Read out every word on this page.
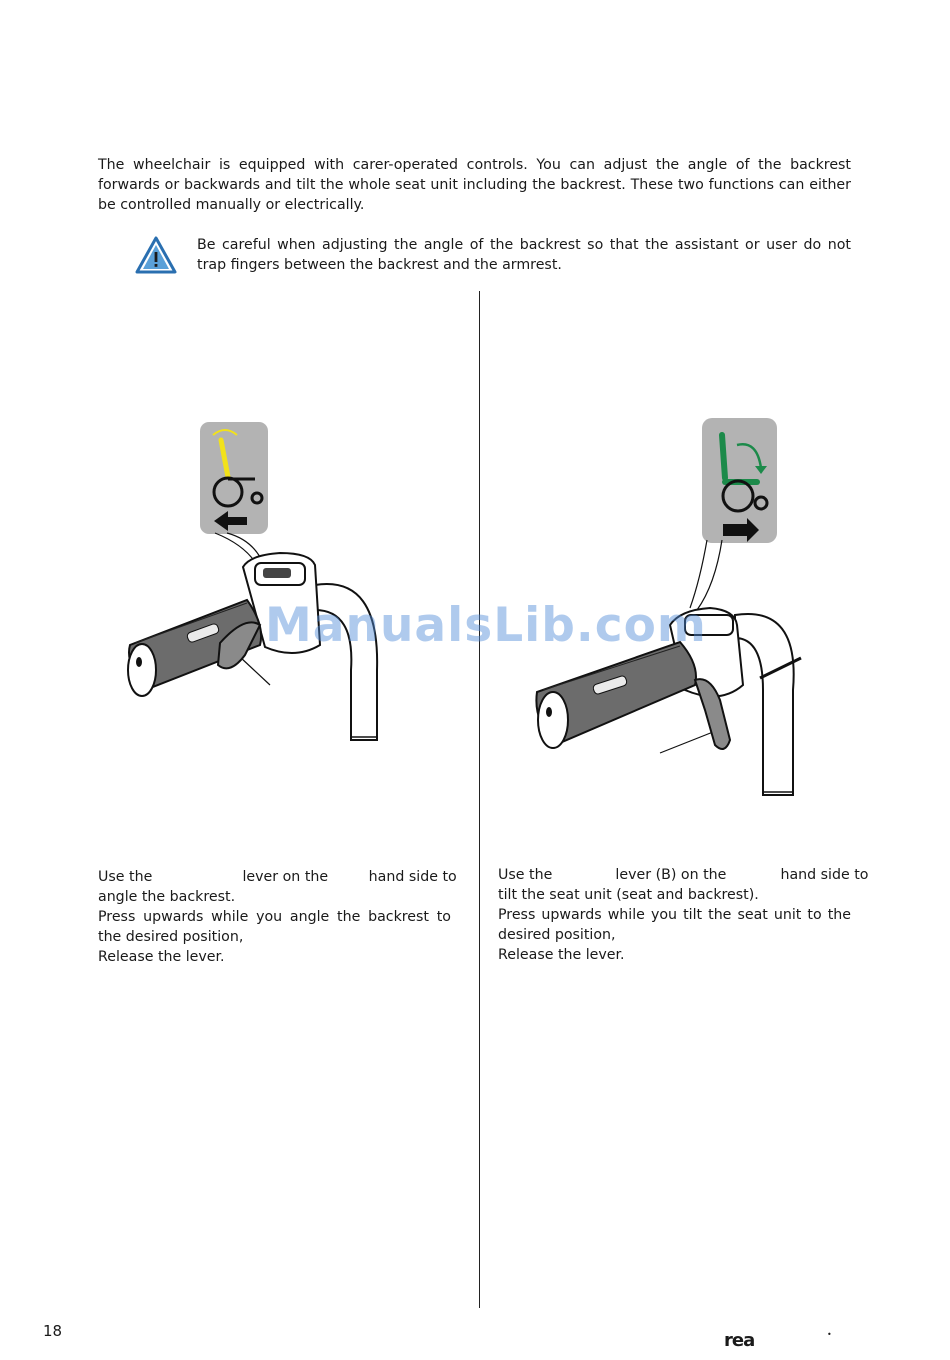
The wheelchair is equipped with carer-operated controls. You can adjust the angle of the backrest forwards or backwards and tilt the whole seat unit including the backrest. These two functions can either be controlled manually or electrically.

Be careful when adjusting the angle of the backrest so that the assistant or user do not trap fingers between the backrest and the armrest.

ManualsLib.com

Use the                    lever on the         hand side to

angle the backrest.

Press upwards while you angle the backrest to the desired position,

Release the lever.

Use the              lever (B) on the            hand side to

tilt the seat unit (seat and backrest).

Press upwards while you tilt the seat unit to the desired position,

Release the lever.

18	rea	•
